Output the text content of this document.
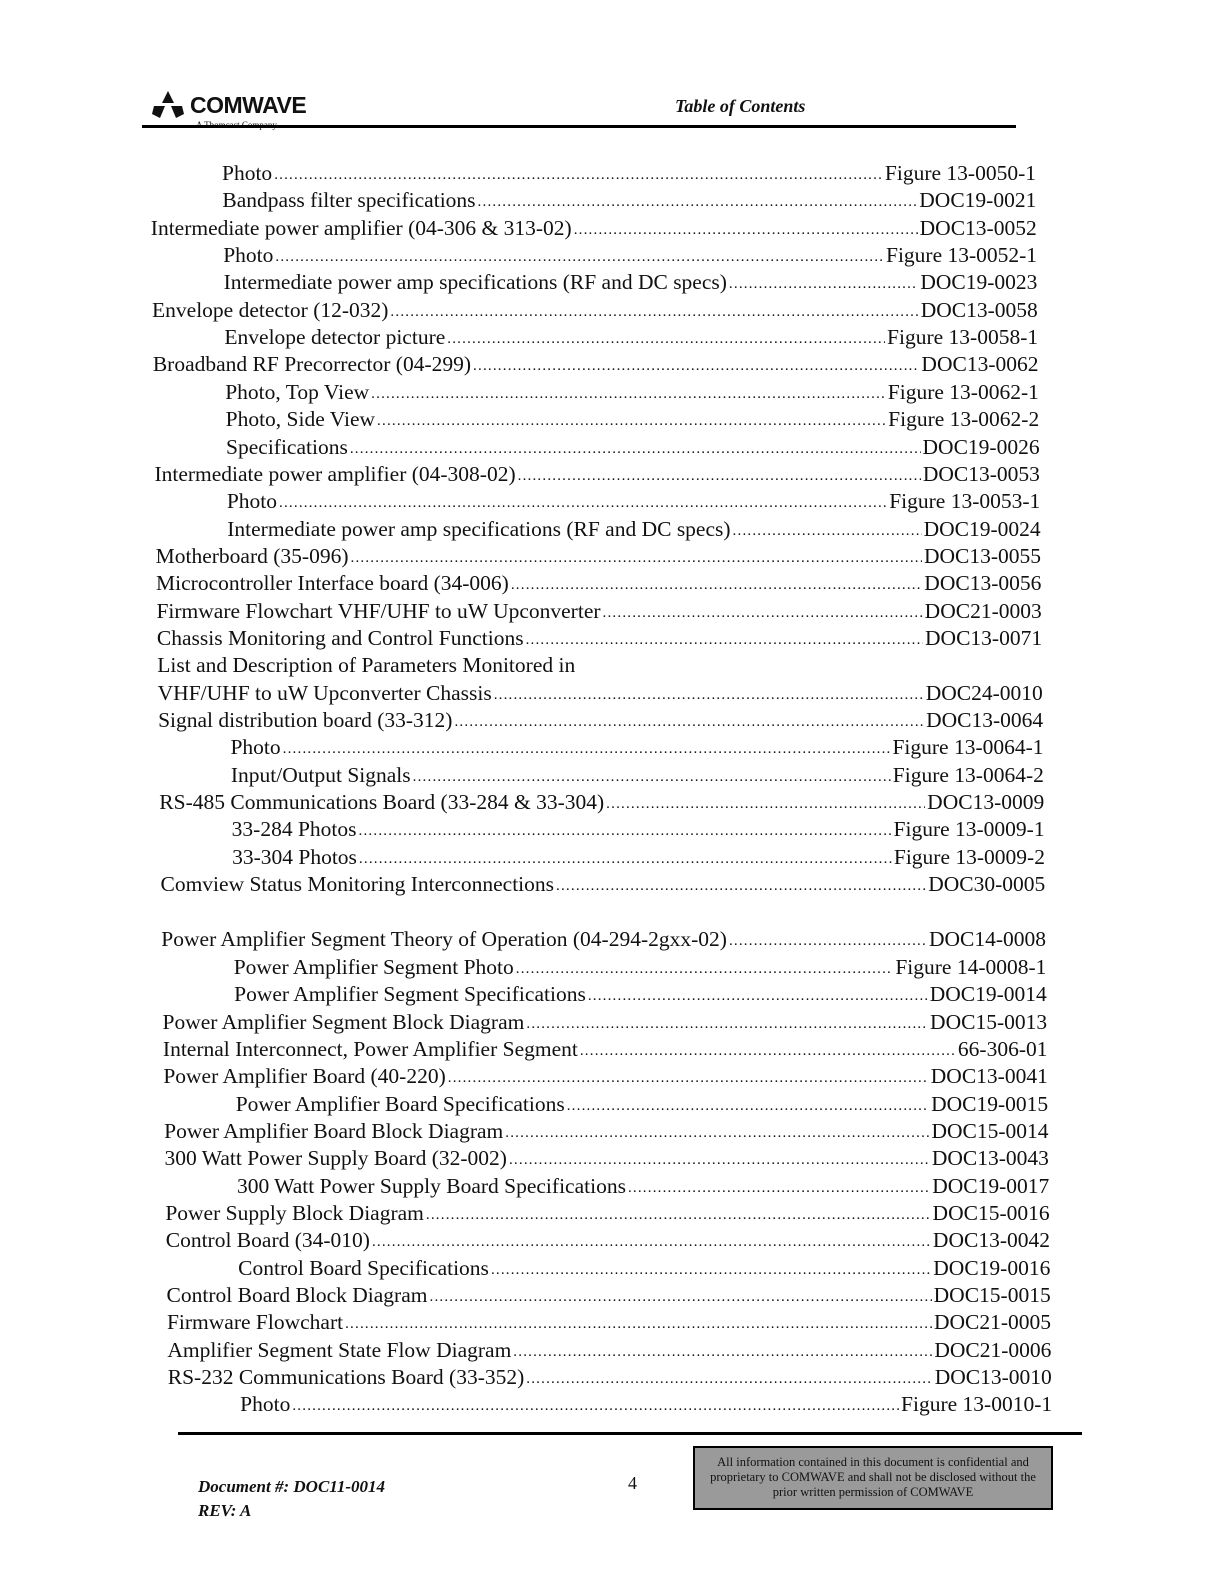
COMWAVE	Table of Contents
Photo .....	Figure 13-0050-1
Bandpass filter specifications .....	DOC19-0021
Intermediate power amplifier (04-306 & 313-02) .....	DOC13-0052
Photo .....	Figure 13-0052-1
Intermediate power amp specifications (RF and DC specs) .....	DOC19-0023
Envelope detector (12-032) .....	DOC13-0058
Envelope detector picture .....	Figure 13-0058-1
Broadband RF Precorrector (04-299) .....	DOC13-0062
Photo, Top View .....	Figure 13-0062-1
Photo, Side View .....	Figure 13-0062-2
Specifications .....	DOC19-0026
Intermediate power amplifier (04-308-02) .....	DOC13-0053
Photo .....	Figure 13-0053-1
Intermediate power amp specifications (RF and DC specs) .....	DOC19-0024
Motherboard (35-096) .....	DOC13-0055
Microcontroller Interface board (34-006) .....	DOC13-0056
Firmware Flowchart VHF/UHF to uW Upconverter .....	DOC21-0003
Chassis Monitoring and Control Functions .....	DOC13-0071
List and Description of Parameters Monitored in
VHF/UHF to uW Upconverter Chassis .....	DOC24-0010
Signal distribution board (33-312) .....	DOC13-0064
Photo .....	Figure 13-0064-1
Input/Output Signals .....	Figure 13-0064-2
RS-485 Communications Board (33-284 & 33-304) .....	DOC13-0009
33-284 Photos .....	Figure 13-0009-1
33-304 Photos .....	Figure 13-0009-2
Comview Status Monitoring Interconnections .....	DOC30-0005
Power Amplifier Segment Theory of Operation (04-294-2gxx-02) .....	DOC14-0008
Power Amplifier Segment Photo .....	Figure 14-0008-1
Power Amplifier Segment Specifications .....	DOC19-0014
Power Amplifier Segment Block Diagram .....	DOC15-0013
Internal Interconnect, Power Amplifier Segment .....	66-306-01
Power Amplifier Board (40-220) .....	DOC13-0041
Power Amplifier Board Specifications .....	DOC19-0015
Power Amplifier Board Block Diagram .....	DOC15-0014
300 Watt Power Supply Board (32-002) .....	DOC13-0043
300 Watt Power Supply Board Specifications .....	DOC19-0017
Power Supply Block Diagram .....	DOC15-0016
Control Board (34-010) .....	DOC13-0042
Control Board Specifications .....	DOC19-0016
Control Board Block Diagram .....	DOC15-0015
Firmware Flowchart .....	DOC21-0005
Amplifier Segment State Flow Diagram .....	DOC21-0006
RS-232 Communications Board (33-352) .....	DOC13-0010
Photo .....	Figure 13-0010-1
Document #: DOC11-0014
REV: A
4
All information contained in this document is confidential and proprietary to COMWAVE and shall not be disclosed without the prior written permission of COMWAVE
